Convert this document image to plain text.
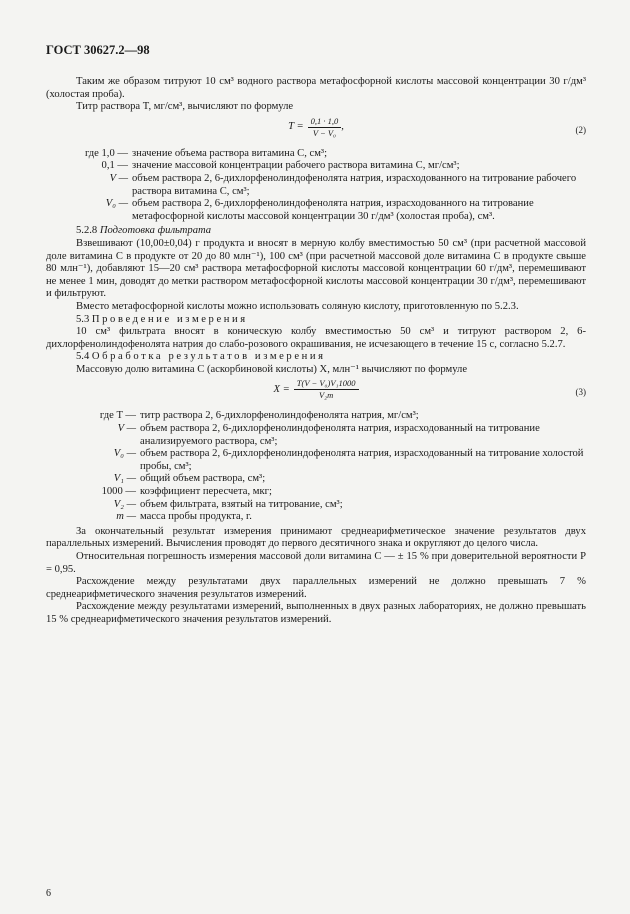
ГОСТ 30627.2—98

Таким же образом титруют 10 см³ водного раствора метафосфорной кислоты массовой концентрации 30 г/дм³ (холостая проба).

Титр раствора T, мг/см³, вычисляют по формуле

$T = \frac{0,1 \cdot 1,0}{\text{V − V₀}}$ ,	(2)
где 1,0 — значение объема раствора витамина С, см³;
0,1 — значение массовой концентрации рабочего раствора витамина С, мг/см³;
V — объем раствора 2, 6-дихлорфенолиндофенолята натрия, израсходованного на титрование рабочего раствора витамина С, см³;
V₀ — объем раствора 2, 6-дихлорфенолиндофенолята натрия, израсходованного на титрование метафосфорной кислоты массовой концентрации 30 г/дм³ (холостая проба), см³.

5.2.8 Подготовка фильтрата

Взвешивают (10,00±0,04) г продукта и вносят в мерную колбу вместимостью 50 см³ (при расчетной массовой доле витамина С в продукте от 20 до 80 млн⁻¹), 100 см³ (при расчетной массовой доле витамина С в продукте свыше 80 млн⁻¹), добавляют 15—20 см³ раствора метафосфорной кислоты массовой концентрации 60 г/дм³, перемешивают не менее 1 мин, доводят до метки раствором метафосфорной кислоты массовой концентрации 30 г/дм³, перемешивают и фильтруют.

Вместо метафосфорной кислоты можно использовать соляную кислоту, приготовленную по 5.2.3.

5.3 Проведение измерения

10 см³ фильтрата вносят в коническую колбу вместимостью 50 см³ и титруют раствором 2, 6-дихлорфенолиндофенолята натрия до слабо-розового окрашивания, не исчезающего в течение 15 с, согласно 5.2.7.

5.4 Обработка результатов измерения

Массовую долю витамина С (аскорбиновой кислоты) X, млн⁻¹ вычисляют по формуле

$X = \frac{\text{T(V − V₀)V₁1000}}{\text{V₂m}}$	(3)
где T — титр раствора 2, 6-дихлорфенолиндофенолята натрия, мг/см³;
V — объем раствора 2, 6-дихлорфенолиндофенолята натрия, израсходованный на титрование анализируемого раствора, см³;
V₀ — объем раствора 2, 6-дихлорфенолиндофенолята натрия, израсходованный на титрование холостой пробы, см³;
V₁ — общий объем раствора, см³;
1000 — коэффициент пересчета, мкг;
V₂ — объем фильтрата, взятый на титрование, см³;
m — масса пробы продукта, г.

За окончательный результат измерения принимают среднеарифметическое значение результатов двух параллельных измерений. Вычисления проводят до первого десятичного знака и округляют до целого числа.

Относительная погрешность измерения массовой доли витамина С — ± 15 % при доверительной вероятности P = 0,95.

Расхождение между результатами двух параллельных измерений не должно превышать 7 % среднеарифметического значения результатов измерений.

Расхождение между результатами измерений, выполненных в двух разных лабораториях, не должно превышать 15 % среднеарифметического значения результатов измерений.

6
